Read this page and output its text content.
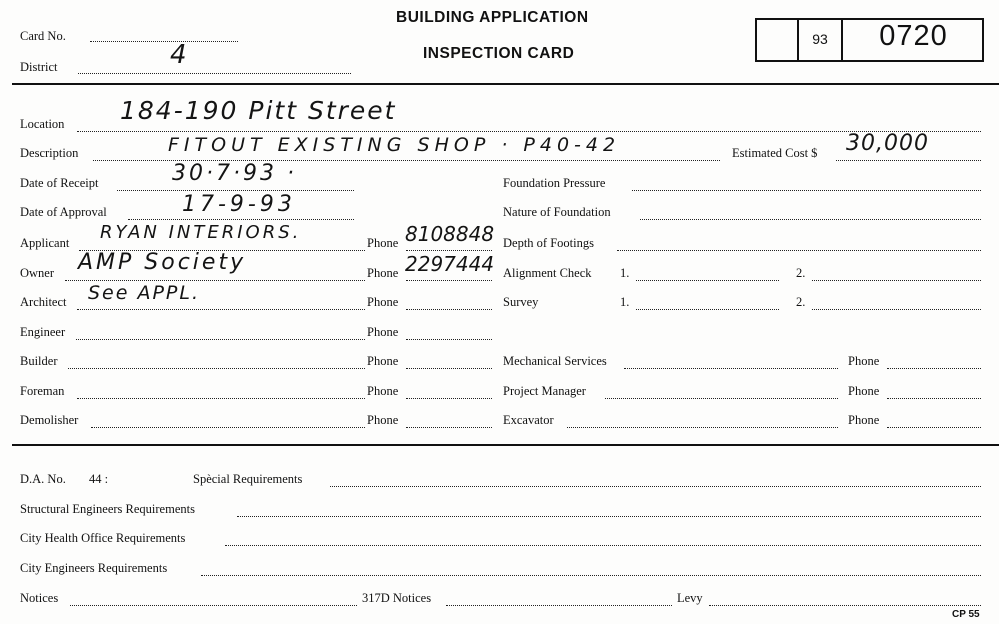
Card No.
District	4
BUILDING APPLICATION
INSPECTION CARD
93	0720
Location 184-190 Pitt Street
Description	FITOUT EXISTING SHOP · P40-42	Estimated Cost $ 30,000
Date of Receipt	30·7·93 ·
Date of Approval	17-9-93
Applicant RYAN INTERIORS.	Phone 8108848
Owner AMP Society	Phone 2297444
Architect See APPL.	Phone
Engineer	Phone
Builder	Phone
Foreman	Phone
Demolisher	Phone
Foundation Pressure
Nature of Foundation
Depth of Footings
Alignment Check 1.	2.
Survey	1.	2.
Mechanical Services	Phone
Project Manager	Phone
Excavator	Phone
D.A. No. 44 :	Spècial Requirements
Structural Engineers Requirements
City Health Office Requirements
City Engineers Requirements
Notices	317D Notices	Levy
CP 55
